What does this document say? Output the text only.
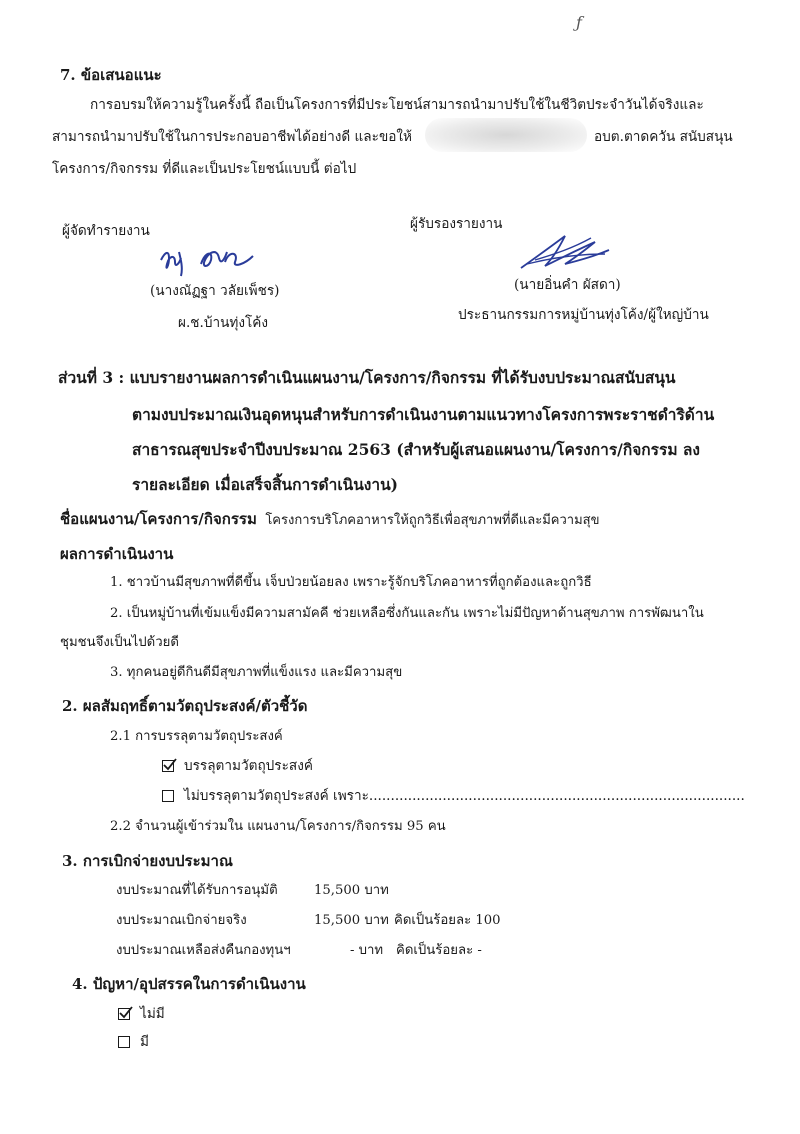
ƒ
7. ข้อเสนอแนะ
การอบรมให้ความรู้ในครั้งนี้ ถือเป็นโครงการที่มีประโยชน์สามารถนำมาปรับใช้ในชีวิตประจำวันได้จริงและ
สามารถนำมาปรับใช้ในการประกอบอาชีพได้อย่างดี และขอให้	อบต.ตาดควัน สนับสนุน
โครงการ/กิจกรรม ที่ดีและเป็นประโยชน์แบบนี้ ต่อไป
ผู้จัดทำรายงาน	ผู้รับรองรายงาน
(นางณัฏฐา วลัยเพ็ชร)	(นายอิ่นคำ ผัสดา)
ผ.ช.บ้านทุ่งโค้ง	ประธานกรรมการหมู่บ้านทุ่งโค้ง/ผู้ใหญ่บ้าน
ส่วนที่ 3 : แบบรายงานผลการดำเนินแผนงาน/โครงการ/กิจกรรม ที่ได้รับงบประมาณสนับสนุน
ตามงบประมาณเงินอุดหนุนสำหรับการดำเนินงานตามแนวทางโครงการพระราชดำริด้าน
สาธารณสุขประจำปีงบประมาณ 2563 (สำหรับผู้เสนอแผนงาน/โครงการ/กิจกรรม ลง
รายละเอียด เมื่อเสร็จสิ้นการดำเนินงาน)
ชื่อแผนงาน/โครงการ/กิจกรรม โครงการบริโภคอาหารให้ถูกวิธีเพื่อสุขภาพที่ดีและมีความสุข
ผลการดำเนินงาน
1. ชาวบ้านมีสุขภาพที่ดีขึ้น เจ็บป่วยน้อยลง เพราะรู้จักบริโภคอาหารที่ถูกต้องและถูกวิธี
2. เป็นหมู่บ้านที่เข้มแข็งมีความสามัคคี ช่วยเหลือซึ่งกันและกัน เพราะไม่มีปัญหาด้านสุขภาพ การพัฒนาใน
ชุมชนจึงเป็นไปด้วยดี
3. ทุกคนอยู่ดีกินดีมีสุขภาพที่แข็งแรง และมีความสุข
2. ผลสัมฤทธิ์ตามวัตถุประสงค์/ตัวชี้วัด
2.1 การบรรลุตามวัตถุประสงค์
บรรลุตามวัตถุประสงค์
ไม่บรรลุตามวัตถุประสงค์ เพราะ.......................................................................................
2.2 จำนวนผู้เข้าร่วมใน แผนงาน/โครงการ/กิจกรรม 95 คน
3. การเบิกจ่ายงบประมาณ
งบประมาณที่ได้รับการอนุมัติ	15,500 บาท
งบประมาณเบิกจ่ายจริง	15,500 บาท คิดเป็นร้อยละ 100
งบประมาณเหลือส่งคืนกองทุนฯ	- บาท คิดเป็นร้อยละ -
4. ปัญหา/อุปสรรคในการดำเนินงาน
ไม่มี
มี
